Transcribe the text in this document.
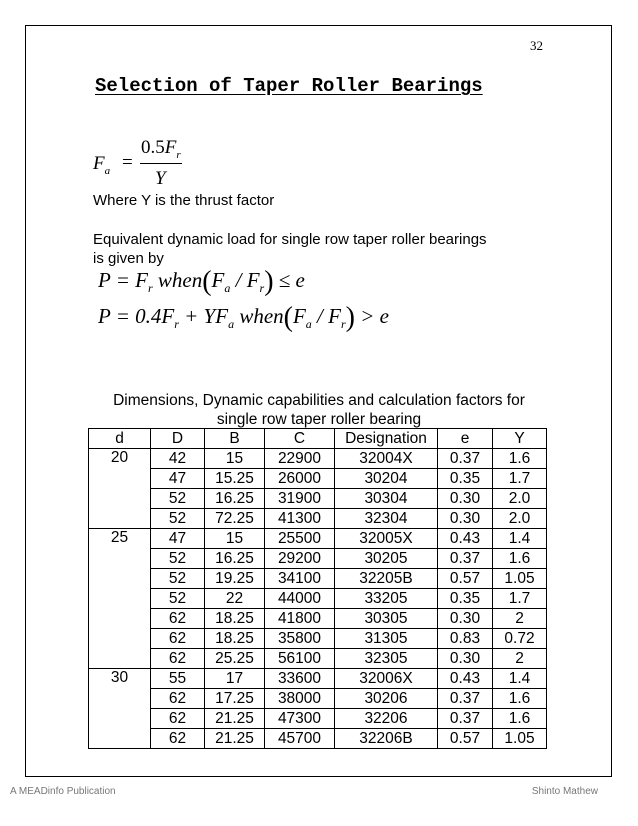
32
Selection of Taper Roller Bearings
$F_a$ =
$0.5F_r$
Y
Where Y is the thrust factor
Equivalent dynamic load for single row taper roller bearings
is given by
$P = F_r$ $when(F_a / F_r) \le e$
$P = 0.4F_r + YF_a$ $when(F_a / F_r) > e$
Dimensions, Dynamic capabilities and calculation factors for
single row taper roller bearing
d	D	B	C	Designation	e	Y
20	42	15	22900	32004X	0.37	1.6
	47	15.25	26000	30204	0.35	1.7
	52	16.25	31900	30304	0.30	2.0
	52	72.25	41300	32304	0.30	2.0
25	47	15	25500	32005X	0.43	1.4
	52	16.25	29200	30205	0.37	1.6
	52	19.25	34100	32205B	0.57	1.05
	52	22	44000	33205	0.35	1.7
	62	18.25	41800	30305	0.30	2
	62	18.25	35800	31305	0.83	0.72
	62	25.25	56100	32305	0.30	2
30	55	17	33600	32006X	0.43	1.4
	62	17.25	38000	30206	0.37	1.6
	62	21.25	47300	32206	0.37	1.6
	62	21.25	45700	32206B	0.57	1.05
A MEADinfo Publication	Shinto Mathew
